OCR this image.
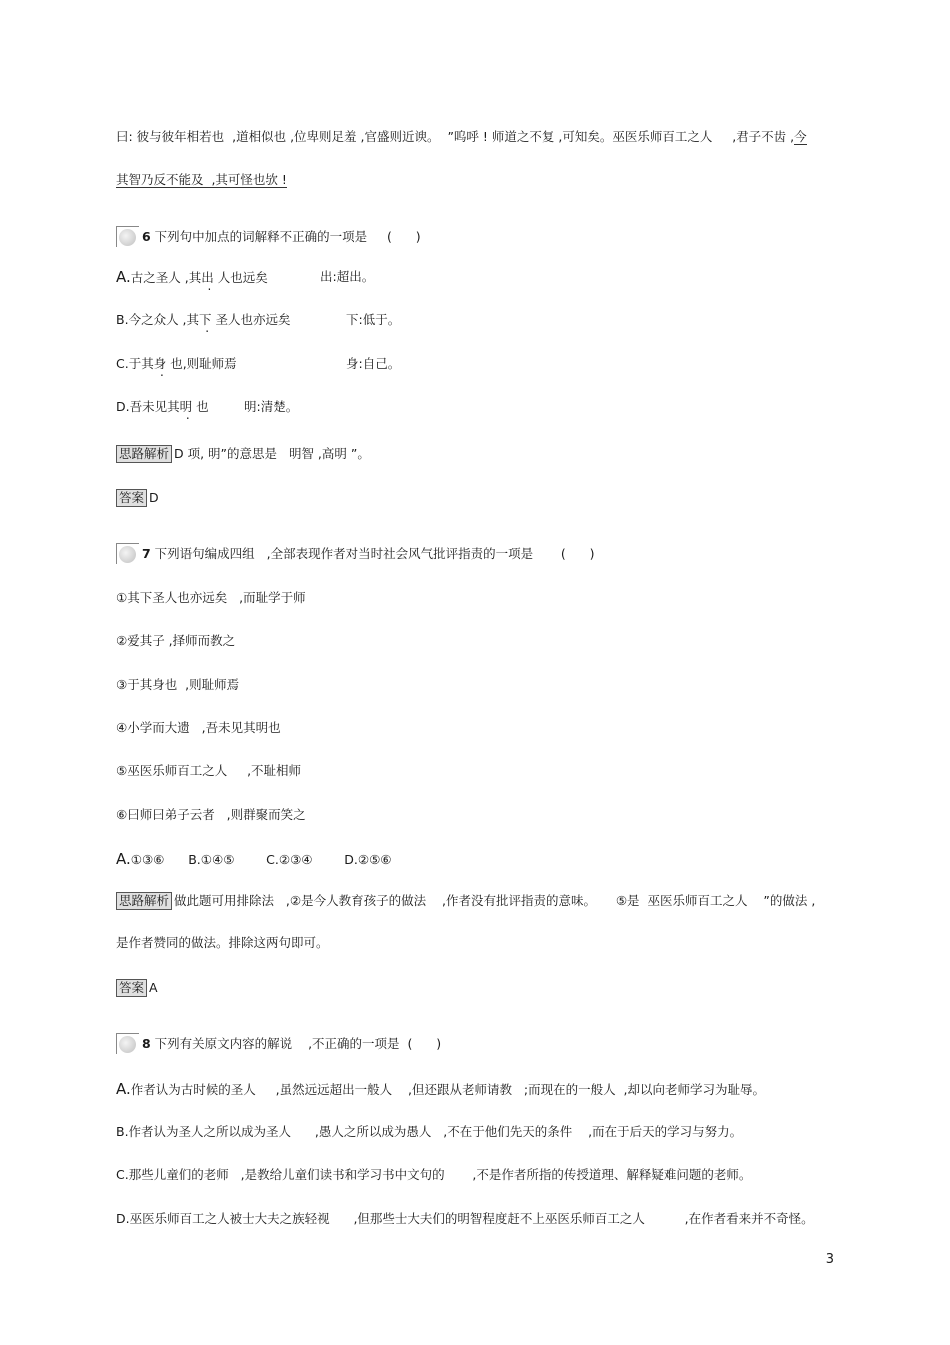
曰: 彼与彼年相若也  ,道相似也 ,位卑则足羞 ,官盛则近谀。  ”呜呼 ! 师道之不复 ,可知矣。巫医乐师百工之人     ,君子不齿 ,今
其智乃反不能及  ,其可怪也欤 !
6 下列句中加点的词解释不正确的一项是     (      )
A.古之圣人 ,其出 人也远矣	出:超出。
B.今之众人 ,其下 圣人也亦远矣	下:低于。
C.于其身 也,则耻师焉	身:自己。
D.吾未见其明 也	明:清楚。
思路解析 D 项, 明”的意思是   明智 ,高明 ”。
答案 D
7 下列语句编成四组   ,全部表现作者对当时社会风气批评指责的一项是       (      )
①其下圣人也亦远矣   ,而耻学于师
②爱其子 ,择师而教之
③于其身也  ,则耻师焉
④小学而大遗   ,吾未见其明也
⑤巫医乐师百工之人     ,不耻相师
⑥曰师曰弟子云者   ,则群聚而笑之
A.①③⑥      B.①④⑤        C.②③④        D.②⑤⑥
思路解析 做此题可用排除法   ,②是今人教育孩子的做法    ,作者没有批评指责的意味。     ⑤是  巫医乐师百工之人    ”的做法 ,
是作者赞同的做法。排除这两句即可。
答案 A
8 下列有关原文内容的解说    ,不正确的一项是  (      )
A.作者认为古时候的圣人     ,虽然远远超出一般人    ,但还跟从老师请教   ;而现在的一般人  ,却以向老师学习为耻辱。
B.作者认为圣人之所以成为圣人      ,愚人之所以成为愚人   ,不在于他们先天的条件    ,而在于后天的学习与努力。
C.那些儿童们的老师   ,是教给儿童们读书和学习书中文句的       ,不是作者所指的传授道理、解释疑难问题的老师。
D.巫医乐师百工之人被士大夫之族轻视      ,但那些士大夫们的明智程度赶不上巫医乐师百工之人          ,在作者看来并不奇怪。
3
